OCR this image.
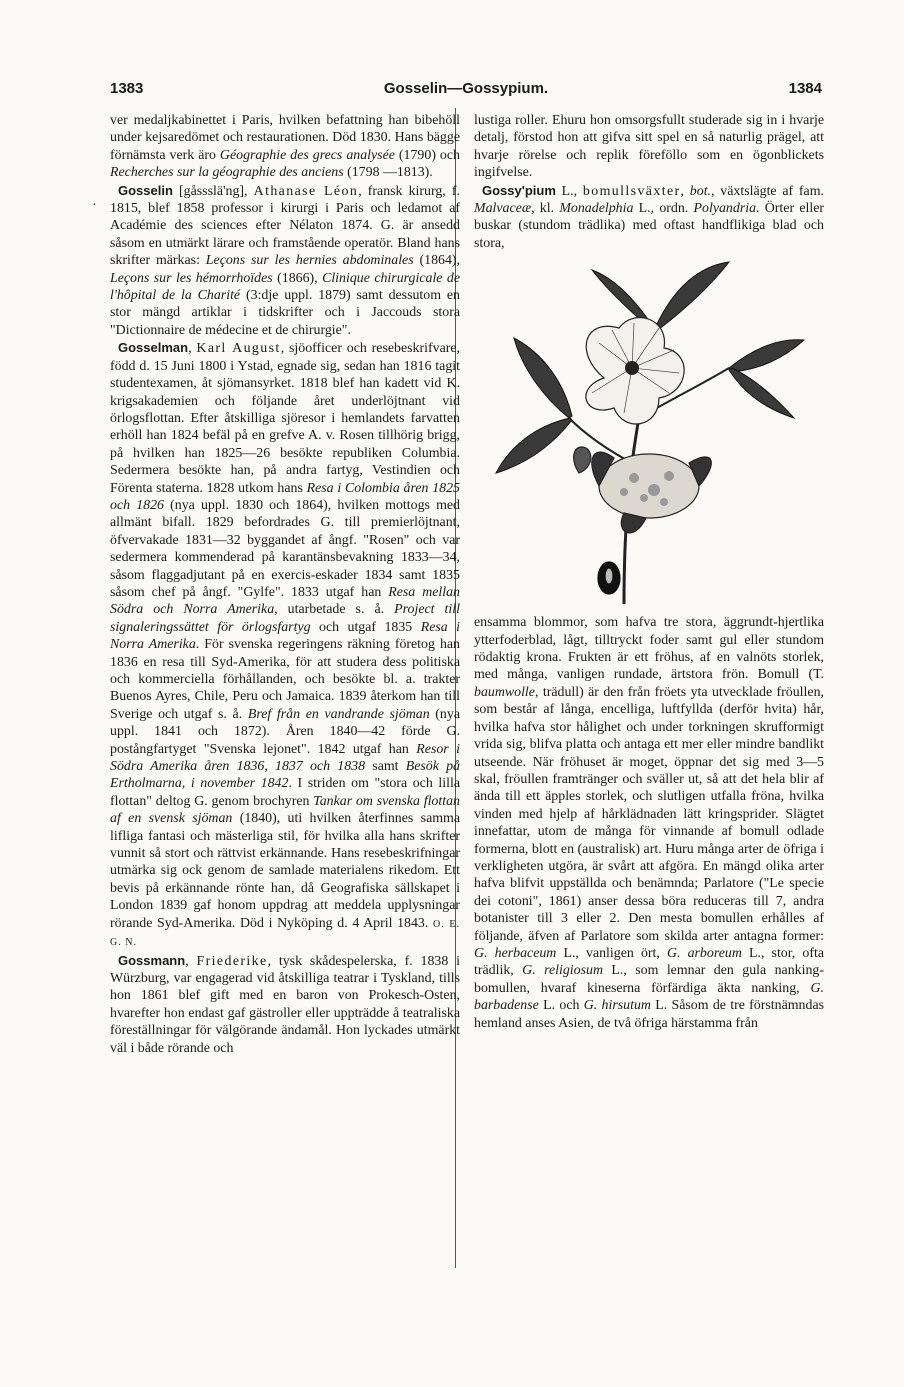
1383	Gosselin—Gossypium.	1384
·

ver medaljkabinettet i Paris, hvilken befattning han bibehöll under kejsaredömet och restaurationen. Död 1830. Hans bägge förnämsta verk äro Géographie des grecs analysée (1790) och Recherches sur la géographie des anciens (1798 —1813).

Gosselin [gåssslä'ng], Athanase Léon, fransk kirurg, f. 1815, blef 1858 professor i kirurgi i Paris och ledamot af Académie des sciences efter Nélaton 1874. G. är ansedd såsom en utmärkt lärare och framstående operatör. Bland hans skrifter märkas: Leçons sur les hernies abdominales (1864), Leçons sur les hémorrhoïdes (1866), Clinique chirurgicale de l'hôpital de la Charité (3:dje uppl. 1879) samt dessutom en stor mängd artiklar i tidskrifter och i Jaccouds stora "Dictionnaire de médecine et de chirurgie".

Gosselman, Karl August, sjöofficer och resebeskrifvare, född d. 15 Juni 1800 i Ystad, egnade sig, sedan han 1816 tagit studentexamen, åt sjömansyrket. 1818 blef han kadett vid K. krigsakademien och följande året underlöjtnant vid örlogsflottan. Efter åtskilliga sjöresor i hemlandets farvatten erhöll han 1824 befäl på en grefve A. v. Rosen tillhörig brigg, på hvilken han 1825—26 besökte republiken Columbia. Sedermera besökte han, på andra fartyg, Vestindien och Förenta staterna. 1828 utkom hans Resa i Colombia åren 1825 och 1826 (nya uppl. 1830 och 1864), hvilken mottogs med allmänt bifall. 1829 befordrades G. till premierlöjtnant, öfvervakade 1831—32 byggandet af ångf. "Rosen" och var sedermera kommenderad på karantänsbevakning 1833—34, såsom flaggadjutant på en exercis-eskader 1834 samt 1835 såsom chef på ångf. "Gylfe". 1833 utgaf han Resa mellan Södra och Norra Amerika, utarbetade s. å. Project till signaleringssättet för örlogsfartyg och utgaf 1835 Resa i Norra Amerika. För svenska regeringens räkning företog han 1836 en resa till Syd-Amerika, för att studera dess politiska och kommerciella förhållanden, och besökte bl. a. trakter Buenos Ayres, Chile, Peru och Jamaica. 1839 återkom han till Sverige och utgaf s. å. Bref från en vandrande sjöman (nya uppl. 1841 och 1872). Åren 1840—42 förde G. postångfartyget "Svenska lejonet". 1842 utgaf han Resor i Södra Amerika åren 1836, 1837 och 1838 samt Besök på Ertholmarna, i november 1842. I striden om "stora och lilla flottan" deltog G. genom brochyren Tankar om svenska flottan af en svensk sjöman (1840), uti hvilken återfinnes samma lifliga fantasi och mästerliga stil, för hvilka alla hans skrifter vunnit så stort och rättvist erkännande. Hans resebeskrifningar utmärka sig ock genom de samlade materialens rikedom. Ett bevis på erkännande rönte han, då Geografiska sällskapet i London 1839 gaf honom uppdrag att meddela upplysningar rörande Syd-Amerika. Död i Nyköping d. 4 April 1843. O. E. G. N.

Gossmann, Friederike, tysk skådespelerska, f. 1838 i Würzburg, var engagerad vid åtskilliga teatrar i Tyskland, tills hon 1861 blef gift med en baron von Prokesch-Osten, hvarefter hon endast gaf gästroller eller uppträdde å teatraliska föreställningar för välgörande ändamål. Hon lyckades utmärkt väl i både rörande och

lustiga roller. Ehuru hon omsorgsfullt studerade sig in i hvarje detalj, förstod hon att gifva sitt spel en så naturlig prägel, att hvarje rörelse och replik föreföllo som en ögonblickets ingifvelse.

Gossy'pium L., bomullsväxter, bot., växtslägte af fam. Malvaceæ, kl. Monadelphia L., ordn. Polyandria. Örter eller buskar (stundom trädlika) med oftast handflikiga blad och stora,

ensamma blommor, som hafva tre stora, äggrundt-hjertlika ytterfoderblad, lågt, tilltryckt foder samt gul eller stundom rödaktig krona. Frukten är ett fröhus, af en valnöts storlek, med många, vanligen rundade, ärtstora frön. Bomull (T. baumwolle, trädull) är den från fröets yta utvecklade fröullen, som består af långa, encelliga, luftfyllda (derför hvita) hår, hvilka hafva stor hålighet och under torkningen skrufformigt vrida sig, blifva platta och antaga ett mer eller mindre bandlikt utseende. När fröhuset är moget, öppnar det sig med 3—5 skal, fröullen framtränger och sväller ut, så att det hela blir af ända till ett äpples storlek, och slutligen utfalla fröna, hvilka vinden med hjelp af hårklädnaden lätt kringsprider. Slägtet innefattar, utom de många för vinnande af bomull odlade formerna, blott en (australisk) art. Huru många arter de öfriga i verkligheten utgöra, är svårt att afgöra. En mängd olika arter hafva blifvit uppställda och benämnda; Parlatore ("Le specie dei cotoni", 1861) anser dessa böra reduceras till 7, andra botanister till 3 eller 2. Den mesta bomullen erhålles af följande, äfven af Parlatore som skilda arter antagna former: G. herbaceum L., vanligen ört, G. arboreum L., stor, ofta trädlik, G. religiosum L., som lemnar den gula nanking-bomullen, hvaraf kineserna förfärdiga äkta nanking, G. barbadense L. och G. hirsutum L. Såsom de tre förstnämndas hemland anses Asien, de två öfriga härstamma från
